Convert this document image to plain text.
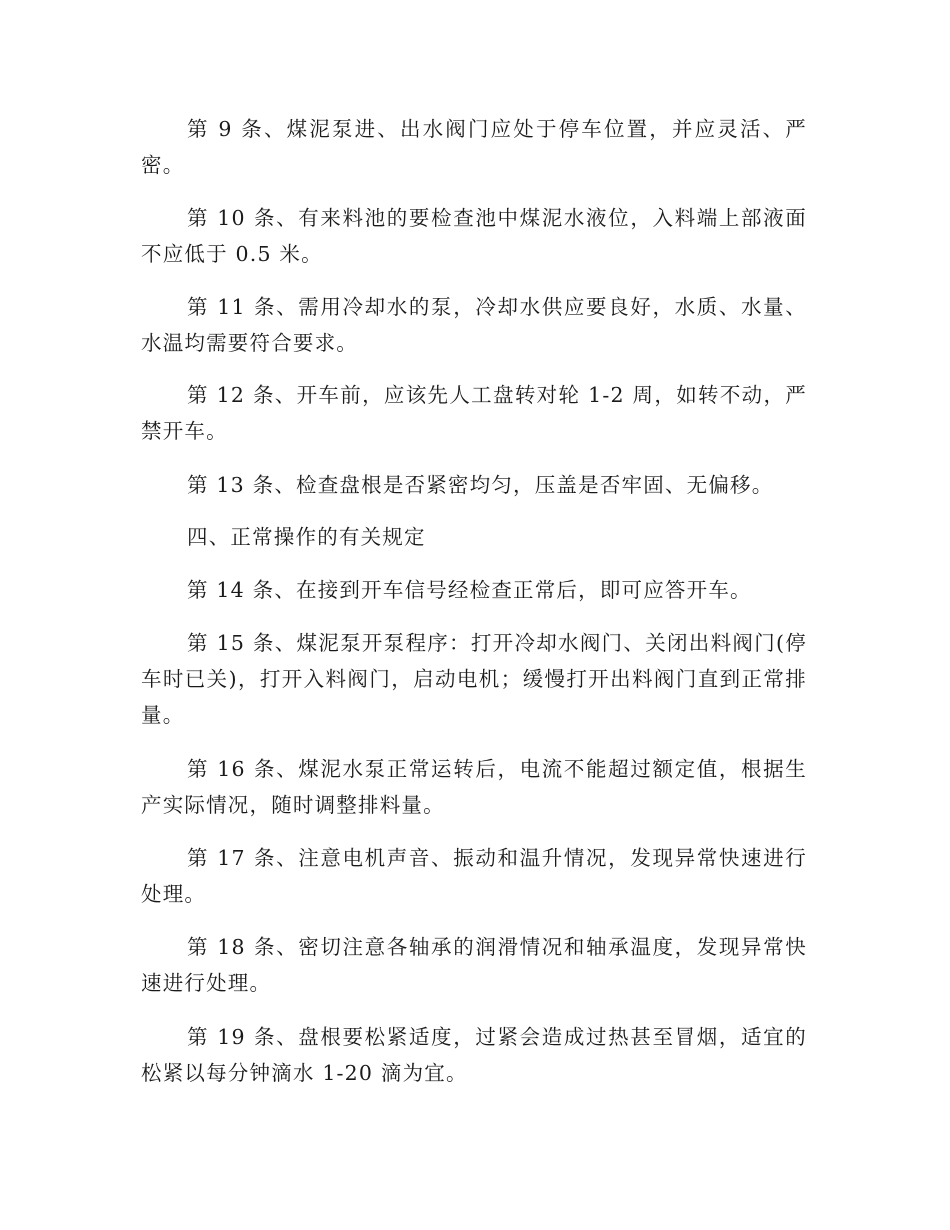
第 9 条、煤泥泵进、出水阀门应处于停车位置，并应灵活、严密。

第 10 条、有来料池的要检查池中煤泥水液位，入料端上部液面不应低于 0.5 米。

第 11 条、需用冷却水的泵，冷却水供应要良好，水质、水量、水温均需要符合要求。

第 12 条、开车前，应该先人工盘转对轮 1-2 周，如转不动，严禁开车。

第 13 条、检查盘根是否紧密均匀，压盖是否牢固、无偏移。

四、正常操作的有关规定

第 14 条、在接到开车信号经检查正常后，即可应答开车。

第 15 条、煤泥泵开泵程序：打开冷却水阀门、关闭出料阀门(停车时已关)，打开入料阀门，启动电机；缓慢打开出料阀门直到正常排量。

第 16 条、煤泥水泵正常运转后，电流不能超过额定值，根据生产实际情况，随时调整排料量。

第 17 条、注意电机声音、振动和温升情况，发现异常快速进行处理。

第 18 条、密切注意各轴承的润滑情况和轴承温度，发现异常快速进行处理。

第 19 条、盘根要松紧适度，过紧会造成过热甚至冒烟，适宜的松紧以每分钟滴水 1-20 滴为宜。
